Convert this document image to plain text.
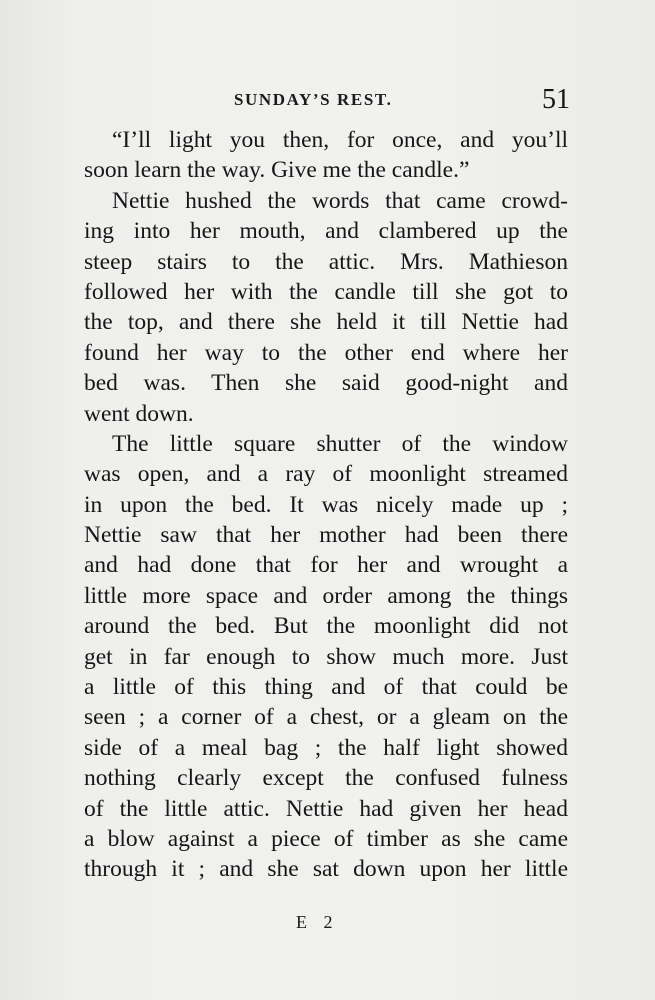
SUNDAY’S REST.	51
“I’ll light you then, for once, and you’ll
soon learn the way. Give me the candle.”
Nettie hushed the words that came crowd-
ing into her mouth, and clambered up the
steep stairs to the attic. Mrs. Mathieson
followed her with the candle till she got to
the top, and there she held it till Nettie had
found her way to the other end where her
bed was. Then she said good-night and
went down.
The little square shutter of the window
was open, and a ray of moonlight streamed
in upon the bed. It was nicely made up ;
Nettie saw that her mother had been there
and had done that for her and wrought a
little more space and order among the things
around the bed. But the moonlight did not
get in far enough to show much more. Just
a little of this thing and of that could be
seen ; a corner of a chest, or a gleam on the
side of a meal bag ; the half light showed
nothing clearly except the confused fulness
of the little attic. Nettie had given her head
a blow against a piece of timber as she came
through it ; and she sat down upon her little
E 2
